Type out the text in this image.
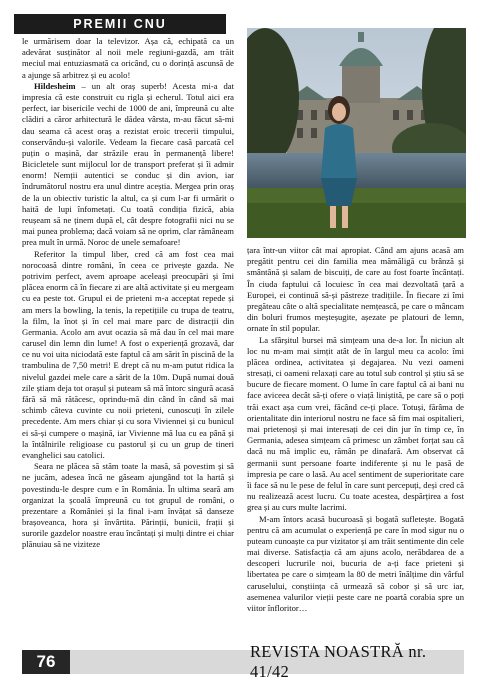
PREMII CNU

le urmărisem doar la televizor. Așa că, echipată ca un adevărat susținător al noii mele regiuni-gazdă, am trăit meciul mai entuziasmată ca oricând, cu o dorință ascunsă de a ajunge să arbitrez și eu acolo!

Hildesheim – un alt oraș superb! Acesta mi-a dat impresia că este construit cu rigla și echerul. Totul aici era perfect, iar bisericile vechi de 1000 de ani, împreună cu alte clădiri a căror arhitectură le dădea vârsta, m-au făcut să-mi dau seama că acest oraș a rezistat eroic trecerii timpului, conservându-și valorile. Vedeam la fiecare casă parcată cel puțin o mașină, dar străzile erau în permanență libere! Bicicletele sunt mijlocul lor de transport preferat și îi admir enorm! Nemții autentici se conduc și din avion, iar îndrumătorul nostru era unul dintre aceștia. Mergea prin oraș de la un obiectiv turistic la altul, ca și cum l-ar fi urmărit o haită de lupi înfometați. Cu toată condiția fizică, abia reușeam să ne ținem după el, cât despre fotografii nici nu se mai punea problema; dacă voiam să ne oprim, clar rămâneam prea mult în urmă. Noroc de unele semafoare!

Referitor la timpul liber, cred că am fost cea mai norocoasă dintre români, în ceea ce privește gazda. Ne potrivim perfect, avem aproape aceleași preocupări și îmi plăcea enorm că în fiecare zi are altă activitate și eu mergeam cu ea peste tot. Grupul ei de prieteni m-a acceptat repede și am mers la bowling, la tenis, la repetițiile cu trupa de teatru, la film, la înot și în cel mai mare parc de distracții din Germania. Acolo am avut ocazia să mă dau în cel mai mare carusel din lemn din lume! A fost o experiență grozavă, dar ce nu voi uita niciodată este faptul că am sărit în piscină de la trambulina de 7,50 metri! E drept că nu m-am putut ridica la nivelul gazdei mele care a sărit de la 10m. După numai două zile știam deja tot orașul și puteam să mă întorc singură acasă fără să mă rătăcesc, oprindu-mă din când în când să mai schimb câteva cuvinte cu noii prieteni, cunoscuți în zilele precedente. Am mers chiar și cu sora Viviennei și cu bunicul ei să-și cumpere o mașină, iar Vivienne mă lua cu ea până și la întâlnirile religioase cu pastorul și cu un grup de tineri evanghelici sau catolici.

Seara ne plăcea să stăm toate la masă, să povestim și să ne jucăm, adesea încă ne găseam ajungând tot la hartă și povestindu-le despre cum e în România. În ultima seară am organizat la școală împreună cu tot grupul de români, o prezentare a României și la final i-am învățat să danseze brașoveanca, hora și învârtita. Părinții, bunicii, frații și surorile gazdelor noastre erau încântați și mulți dintre ei chiar plănuiau să ne viziteze

țara într-un viitor cât mai apropiat. Când am ajuns acasă am pregătit pentru cei din familia mea mămăligă cu brânză și smântână și salam de biscuiți, de care au fost foarte încântați. În ciuda faptului că locuiesc în cea mai dezvoltată țară a Europei, ei continuă să-și păstreze tradițiile. În fiecare zi îmi pregăteau câte o altă specialitate nemțească, pe care o mâncam din boluri frumos meșteșugite, așezate pe platouri de lemn, ornate în stil popular.

La sfârșitul bursei mă simțeam una de-a lor. În niciun alt loc nu m-am mai simțit atât de în largul meu ca acolo: îmi plăcea ordinea, activitatea și degajarea. Nu vezi oameni stresați, ci oameni relaxați care au totul sub control și știu să se bucure de fiecare moment. O lume în care faptul că ai bani nu face aviceea decât să-ți ofere o viață liniștită, pe care să o poți trăi exact așa cum vrei, făcând ce-ți place. Totuși, fărâma de orientalitate din interiorul nostru ne face să fim mai ospitalieri, mai prietenoși și mai interesați de cei din jur în timp ce, în Germania, adesea simțeam că primesc un zâmbet forțat sau că dacă nu mă implic eu, rămân pe dinafară. Am observat că germanii sunt persoane foarte indiferente și nu le pasă de impresia pe care o lasă. Au acel sentiment de superioritate care îi face să nu le pese de felul în care sunt percepuți, deși cred că nu realizează acest lucru. Cu toate acestea, despărțirea a fost grea și au curs multe lacrimi.

M-am întors acasă bucuroasă și bogată sufletește. Bogată pentru că am acumulat o experiență pe care în mod sigur nu o puteam cunoaște ca pur vizitator și am trăit sentimente din cele mai diverse. Satisfacția că am ajuns acolo, nerăbdarea de a descoperi lucrurile noi, bucuria de a-ți face prieteni și libertatea pe care o simțeam la 80 de metri înălțime din vârful caruselului, conștiința că urmează să cobor și să urc iar, asemenea valurilor vieții peste care ne poartă corabia spre un viitor înfloritor…

76
REVISTA NOASTRĂ nr. 41/42
